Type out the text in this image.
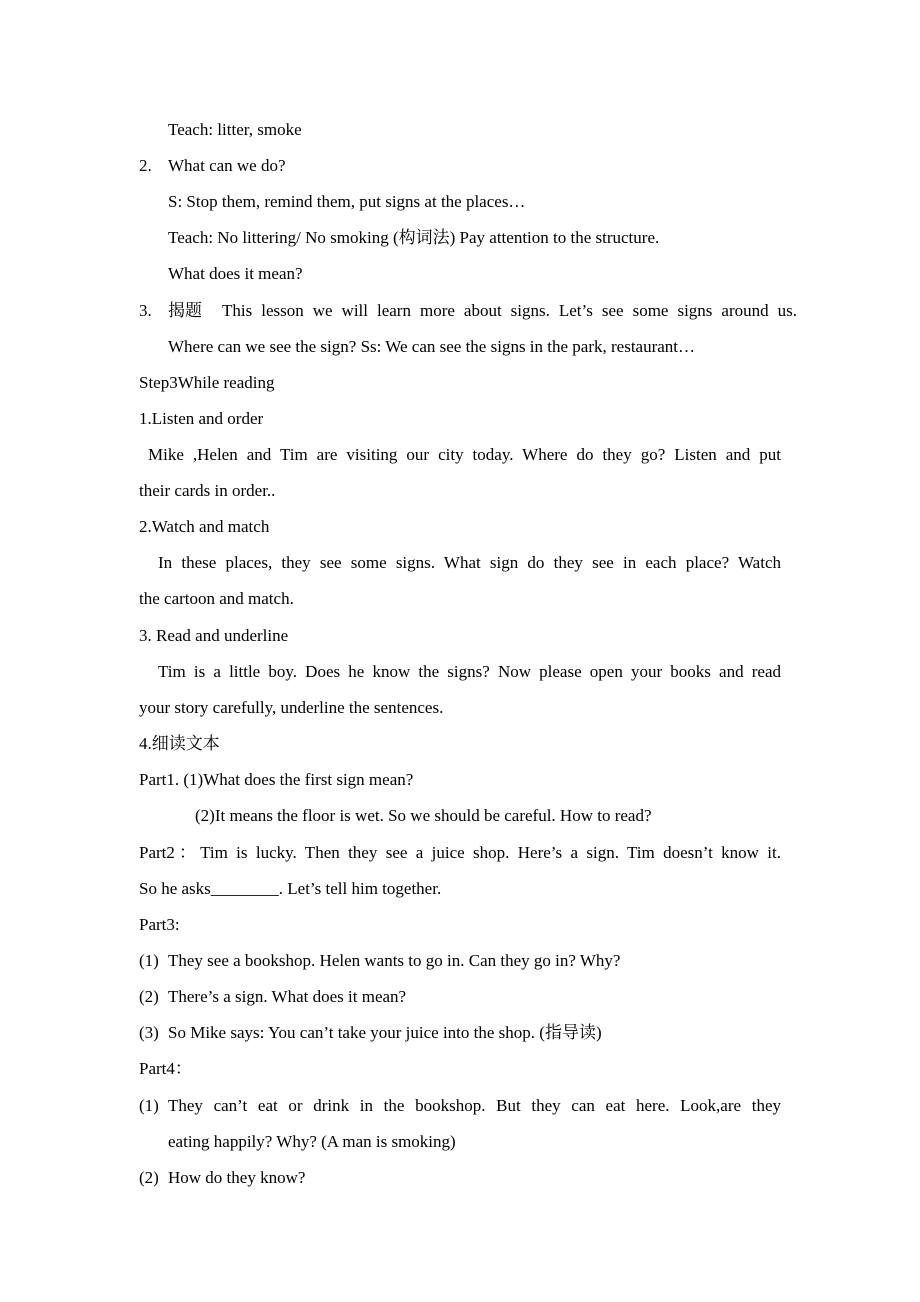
Teach: litter, smoke
2. What can we do?
S: Stop them, remind them, put signs at the places…
Teach: No littering/ No smoking (构词法) Pay attention to the structure.
What does it mean?
3. 揭题 This lesson we will learn more about signs. Let’s see some signs around us.
Where can we see the sign? Ss: We can see the signs in the park, restaurant…
Step3While reading
1.Listen and order
Mike ,Helen and Tim are visiting our city today. Where do they go? Listen and put
their cards in order..
2.Watch and match
In these places, they see some signs. What sign do they see in each place? Watch
the cartoon and match.
3. Read and underline
Tim is a little boy. Does he know the signs? Now please open your books and read
your story carefully, underline the sentences.
4.细读文本
Part1. (1)What does the first sign mean?
(2)It means the floor is wet. So we should be careful. How to read?
Part2：Tim is lucky. Then they see a juice shop. Here’s a sign. Tim doesn’t know it.
So he asks________. Let’s tell him together.
Part3:
(1) They see a bookshop. Helen wants to go in. Can they go in? Why?
(2) There’s a sign. What does it mean?
(3) So Mike says: You can’t take your juice into the shop. (指导读)
Part4：
(1) They can’t eat or drink in the bookshop. But they can eat here. Look,are they
eating happily? Why? (A man is smoking)
(2) How do they know?
